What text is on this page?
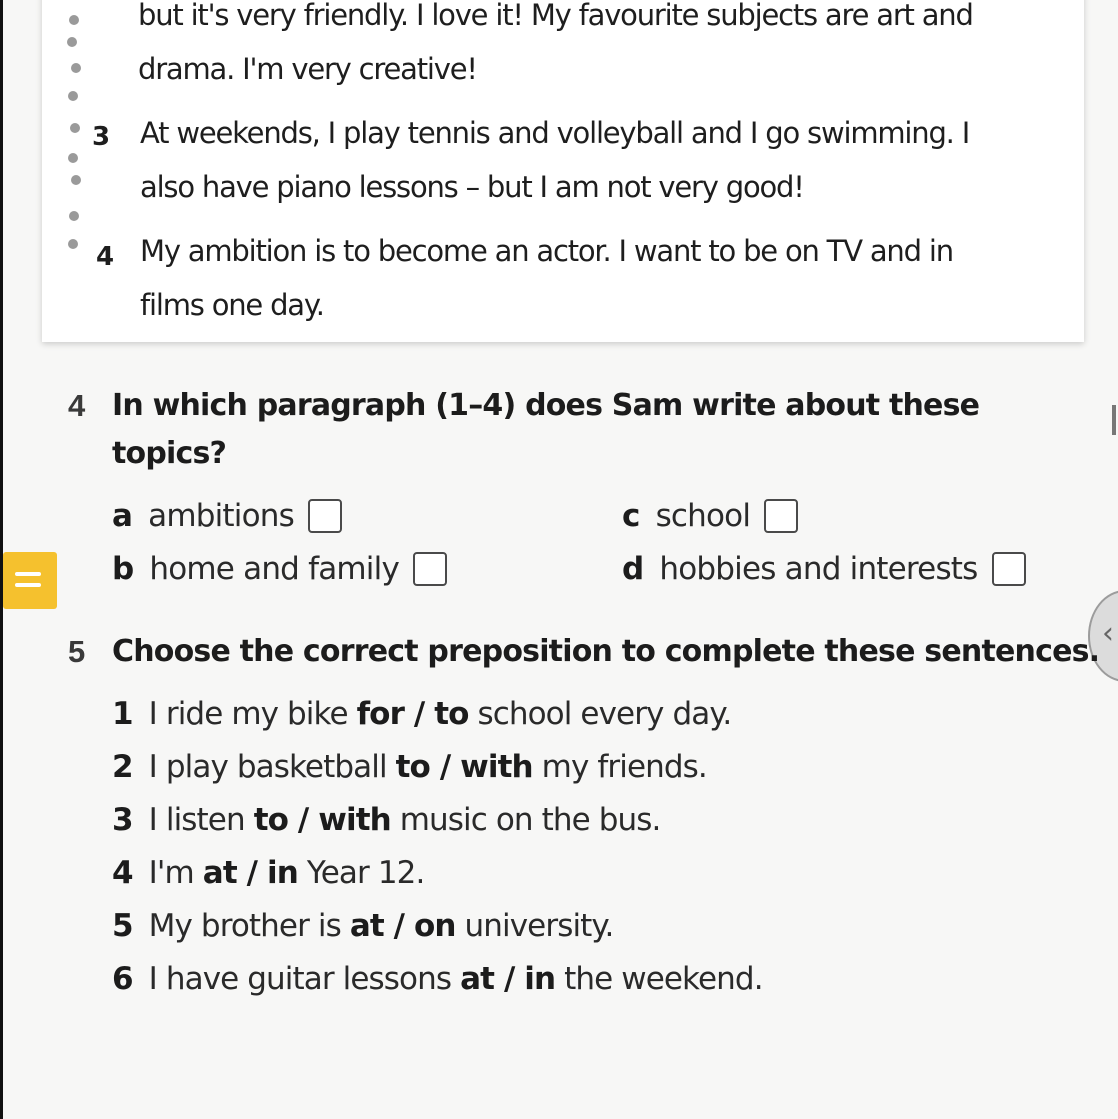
but it's very friendly. I love it! My favourite subjects are art and
drama. I'm very creative!
3 At weekends, I play tennis and volleyball and I go swimming. I
also have piano lessons – but I am not very good!
4 My ambition is to become an actor. I want to be on TV and in
films one day.
4 In which paragraph (1–4) does Sam write about these
topics?
a ambitions
b home and family
c school
d hobbies and interests
‹
5 Choose the correct preposition to complete these sentences.
1 I ride my bike for / to school every day.
2 I play basketball to / with my friends.
3 I listen to / with music on the bus.
4 I'm at / in Year 12.
5 My brother is at / on university.
6 I have guitar lessons at / in the weekend.
